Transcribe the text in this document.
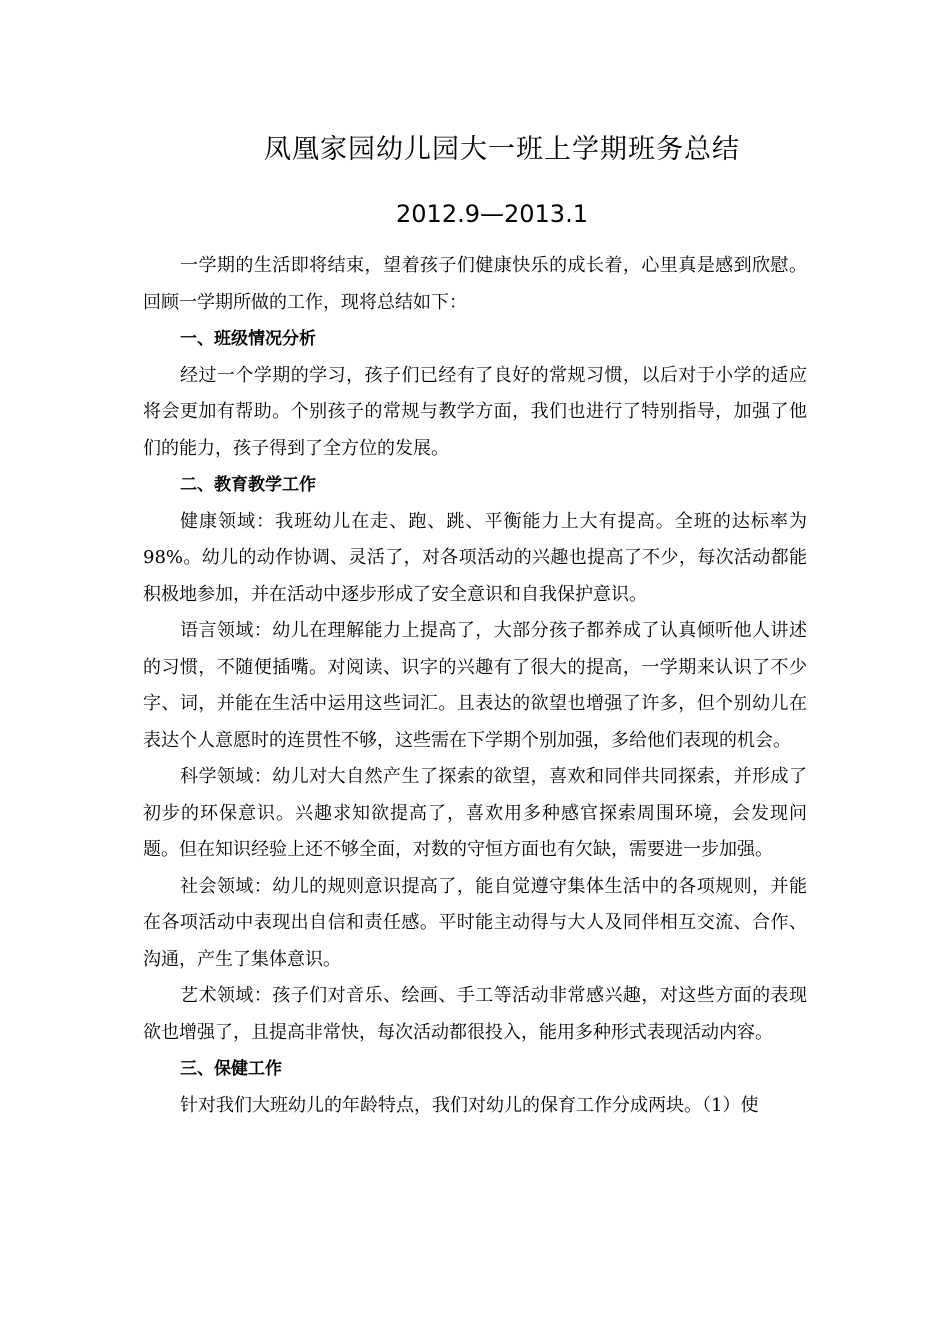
凤凰家园幼儿园大一班上学期班务总结
2012.9—2013.1

一学期的生活即将结束，望着孩子们健康快乐的成长着，心里真是感到欣慰。回顾一学期所做的工作，现将总结如下：

一、班级情况分析

经过一个学期的学习，孩子们已经有了良好的常规习惯，以后对于小学的适应将会更加有帮助。个别孩子的常规与教学方面，我们也进行了特别指导，加强了他们的能力，孩子得到了全方位的发展。

二、教育教学工作

健康领域：我班幼儿在走、跑、跳、平衡能力上大有提高。全班的达标率为98%。幼儿的动作协调、灵活了，对各项活动的兴趣也提高了不少，每次活动都能积极地参加，并在活动中逐步形成了安全意识和自我保护意识。

语言领域：幼儿在理解能力上提高了，大部分孩子都养成了认真倾听他人讲述的习惯，不随便插嘴。对阅读、识字的兴趣有了很大的提高，一学期来认识了不少字、词，并能在生活中运用这些词汇。且表达的欲望也增强了许多，但个别幼儿在表达个人意愿时的连贯性不够，这些需在下学期个别加强，多给他们表现的机会。

科学领域：幼儿对大自然产生了探索的欲望，喜欢和同伴共同探索，并形成了初步的环保意识。兴趣求知欲提高了，喜欢用多种感官探索周围环境，会发现问题。但在知识经验上还不够全面，对数的守恒方面也有欠缺，需要进一步加强。

社会领域：幼儿的规则意识提高了，能自觉遵守集体生活中的各项规则，并能在各项活动中表现出自信和责任感。平时能主动得与大人及同伴相互交流、合作、沟通，产生了集体意识。

艺术领域：孩子们对音乐、绘画、手工等活动非常感兴趣，对这些方面的表现欲也增强了，且提高非常快，每次活动都很投入，能用多种形式表现活动内容。

三、保健工作

针对我们大班幼儿的年龄特点，我们对幼儿的保育工作分成两块。（1）使
